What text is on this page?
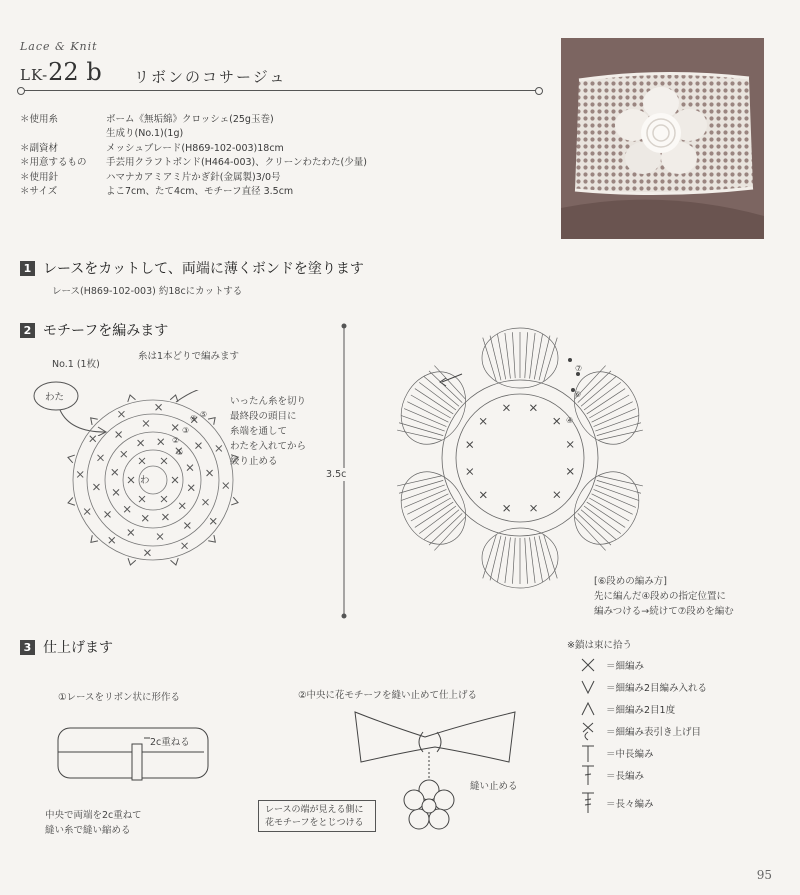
Lace & Knit
LK-22 b リボンのコサージュ
＊使用糸	ボーム《無垢綿》クロッシェ(25g玉巻)
生成り(No.1)(1g)
＊副資材	メッシュブレード(H869-102-003)18cm
＊用意するもの	手芸用クラフトボンド(H464-003)、クリーンわたわた(少量)
＊使用針	ハマナカアミアミ片かぎ針(金属製)3/0号
＊サイズ	よこ7cm、たて4cm、モチーフ直径 3.5cm
1 レースをカットして、両端に薄くボンドを塗ります
レース(H869-102-003) 約18cにカットする
2 モチーフを編みます
No.1 (1枚)
糸は1本どりで編みます
わた
わ
①
②
③
④ ⑤
いったん糸を切り
最終段の頭目に
糸端を通して
わたを入れてから
絞り止める
3.5c
⑦
⑥
④
[⑥段めの編み方]
先に編んだ④段めの指定位置に
編みつける→続けて⑦段めを編む
3 仕上げます
①レースをリボン状に形作る
2c重ねる
中央で両端を2c重ねて
縫い糸で縫い縮める
②中央に花モチーフを縫い止めて仕上げる
縫い止める
レースの端が見える側に
花モチーフをとじつける
※鎖は束に拾う
＝細編み
＝細編み2目編み入れる
＝細編み2目1度
＝細編み表引き上げ目
＝中長編み
＝長編み
＝長々編み
95
